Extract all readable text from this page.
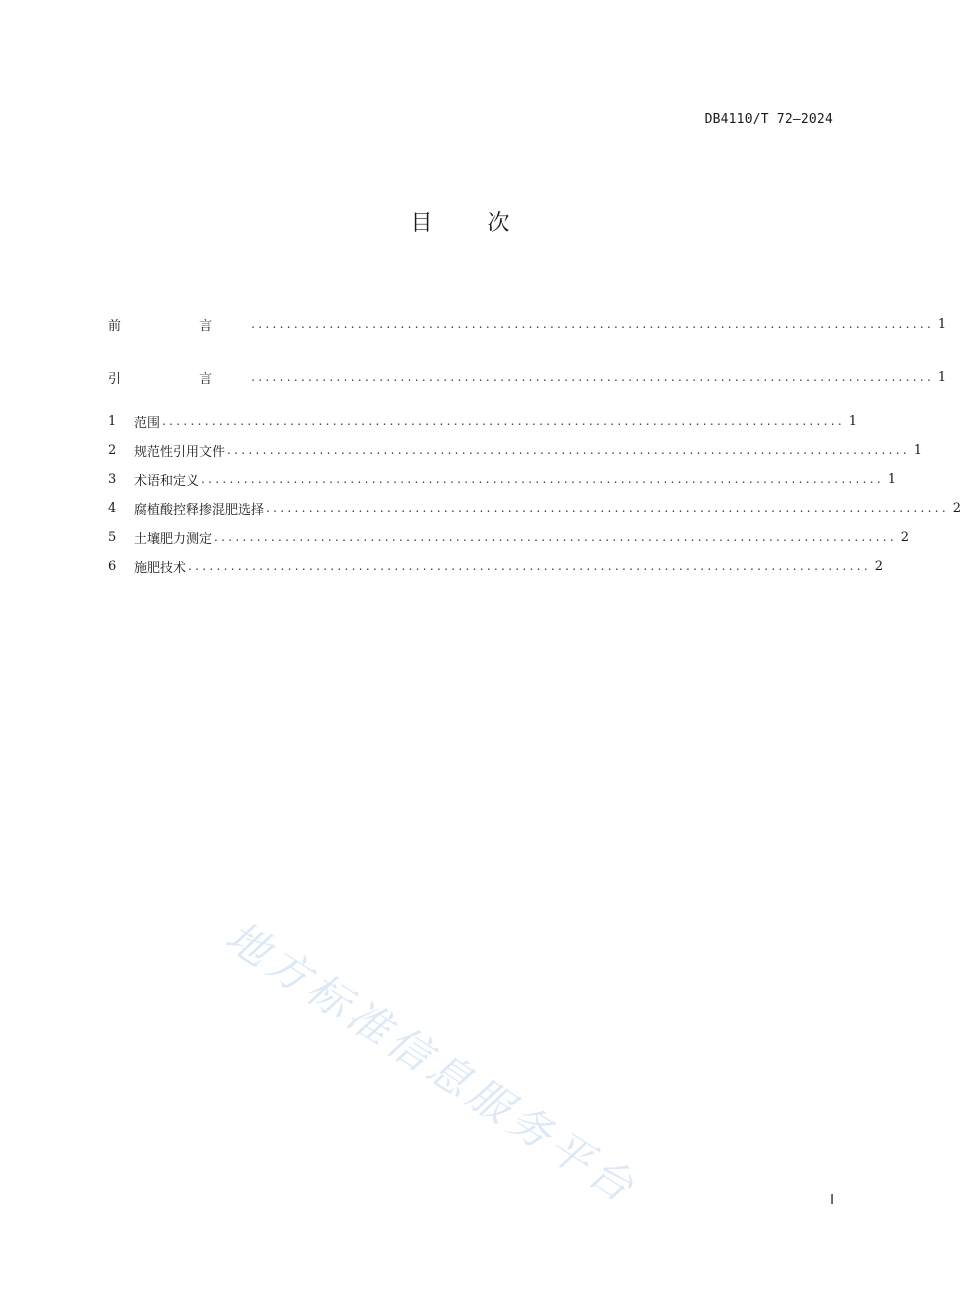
DB4110/T 72—2024
目 次
前 言 ................................................................................................ 1
引 言 ................................................................................................ 1
1	范围 ................................................................................................ 1
2	规范性引用文件 ................................................................................................ 1
3	术语和定义 ................................................................................................ 1
4	腐植酸控释掺混肥选择 ................................................................................................ 2
5	土壤肥力测定 ................................................................................................ 2
6	施肥技术 ................................................................................................ 2
地方标准信息服务平台	I
